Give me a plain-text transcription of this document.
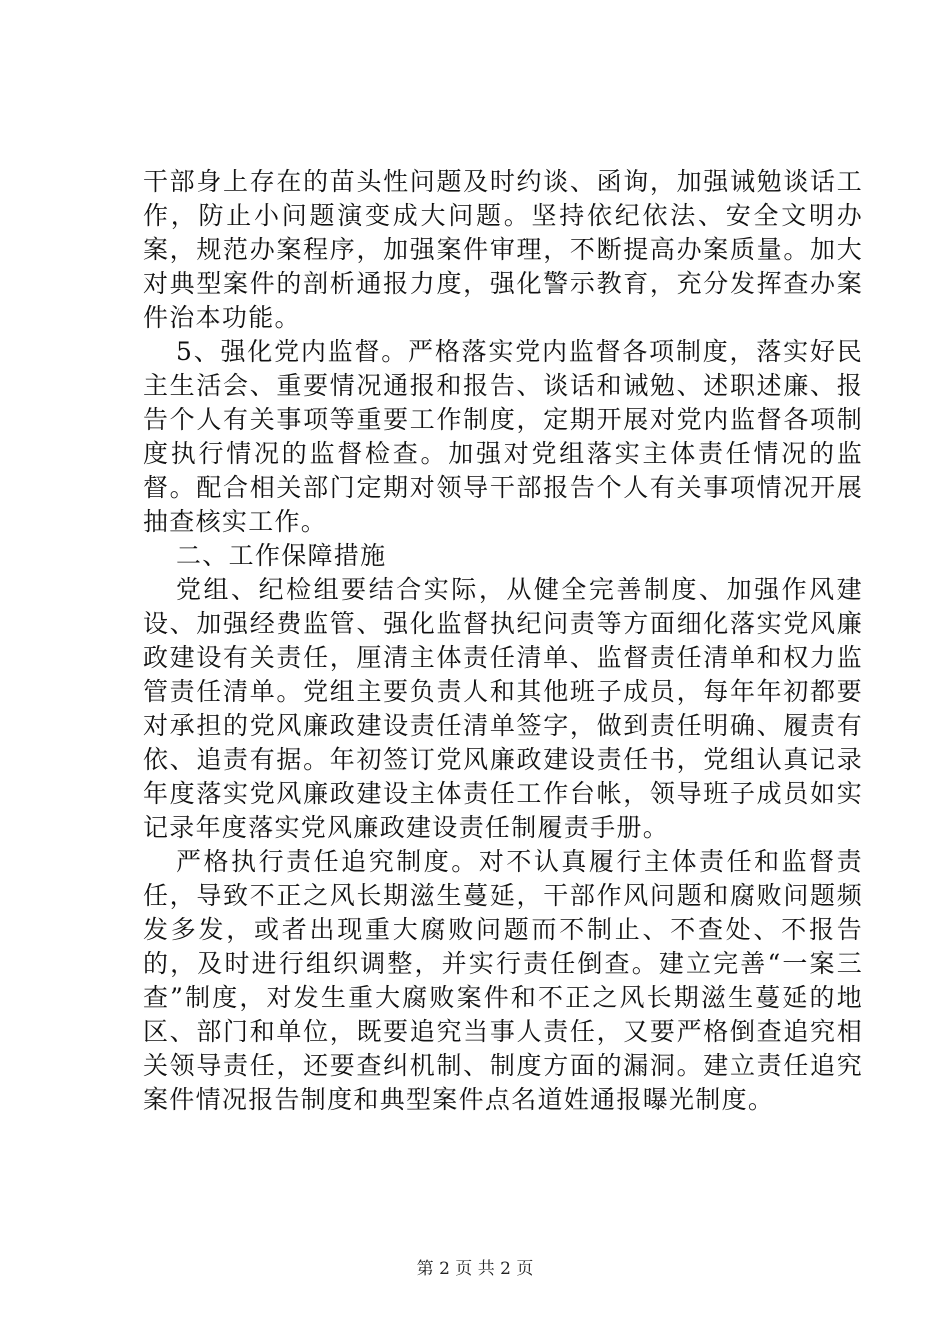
干部身上存在的苗头性问题及时约谈、函询，加强诫勉谈话工作，防止小问题演变成大问题。坚持依纪依法、安全文明办案，规范办案程序，加强案件审理，不断提高办案质量。加大对典型案件的剖析通报力度，强化警示教育，充分发挥查办案件治本功能。

5、强化党内监督。严格落实党内监督各项制度，落实好民主生活会、重要情况通报和报告、谈话和诫勉、述职述廉、报告个人有关事项等重要工作制度，定期开展对党内监督各项制度执行情况的监督检查。加强对党组落实主体责任情况的监督。配合相关部门定期对领导干部报告个人有关事项情况开展抽查核实工作。

二、工作保障措施

党组、纪检组要结合实际，从健全完善制度、加强作风建设、加强经费监管、强化监督执纪问责等方面细化落实党风廉政建设有关责任，厘清主体责任清单、监督责任清单和权力监管责任清单。党组主要负责人和其他班子成员，每年年初都要对承担的党风廉政建设责任清单签字，做到责任明确、履责有依、追责有据。年初签订党风廉政建设责任书，党组认真记录年度落实党风廉政建设主体责任工作台帐，领导班子成员如实记录年度落实党风廉政建设责任制履责手册。

严格执行责任追究制度。对不认真履行主体责任和监督责任，导致不正之风长期滋生蔓延，干部作风问题和腐败问题频发多发，或者出现重大腐败问题而不制止、不查处、不报告的，及时进行组织调整，并实行责任倒查。建立完善“一案三查”制度，对发生重大腐败案件和不正之风长期滋生蔓延的地区、部门和单位，既要追究当事人责任，又要严格倒查追究相关领导责任，还要查纠机制、制度方面的漏洞。建立责任追究案件情况报告制度和典型案件点名道姓通报曝光制度。

第 2 页 共 2 页
